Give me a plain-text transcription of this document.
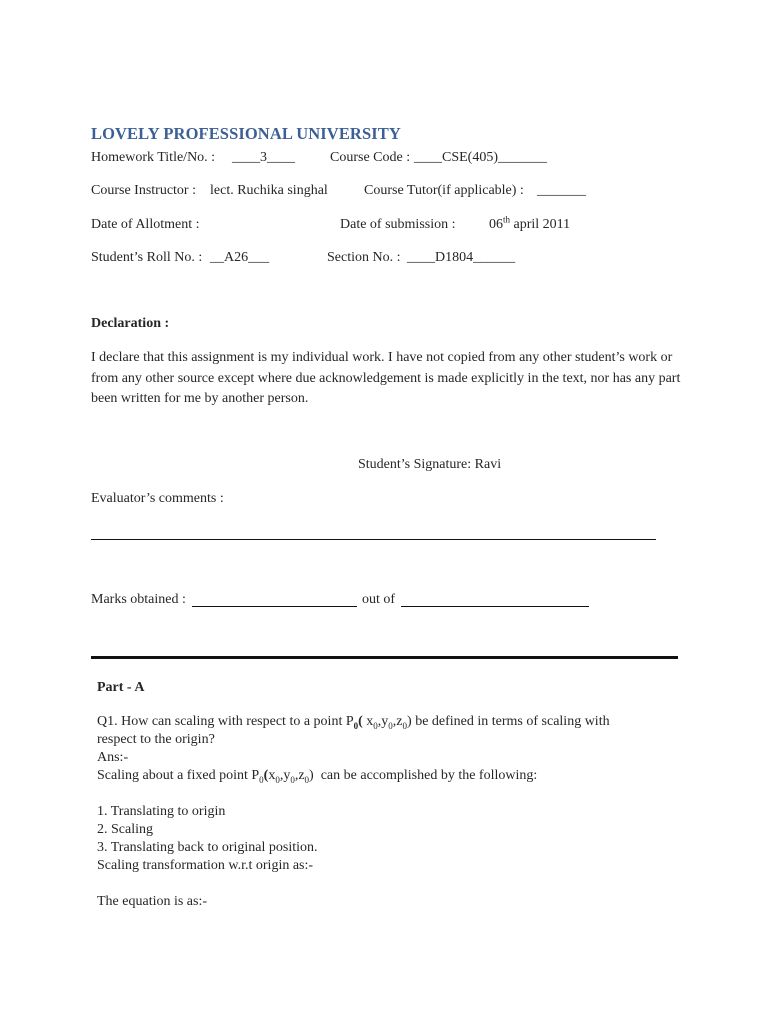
LOVELY PROFESSIONAL UNIVERSITY
Homework Title/No. : ____3____	Course Code : ____CSE(405)_______
Course Instructor : lect. Ruchika singhal	Course Tutor(if applicable) : _______
Date of Allotment :	Date of submission : 06th april 2011
Student’s Roll No. : __A26___	Section No. : ____D1804______
Declaration :
I declare that this assignment is my individual work. I have not copied from any other student’s work or from any other source except where due acknowledgement is made explicitly in the text, nor has any part been written for me by another person.
Student’s Signature: Ravi
Evaluator’s comments :
Marks obtained :	out of
Part - A
Q1. How can scaling with respect to a point $P_0$( $x_0,y_0,z_0$) be defined in terms of scaling with
respect to the origin?
Ans:-
Scaling about a fixed point $P_0(x_0,y_0,z_0)$  can be accomplished by the following:
1. Translating to origin
2. Scaling
3. Translating back to original position.
Scaling transformation w.r.t origin as:-
The equation is as:-
